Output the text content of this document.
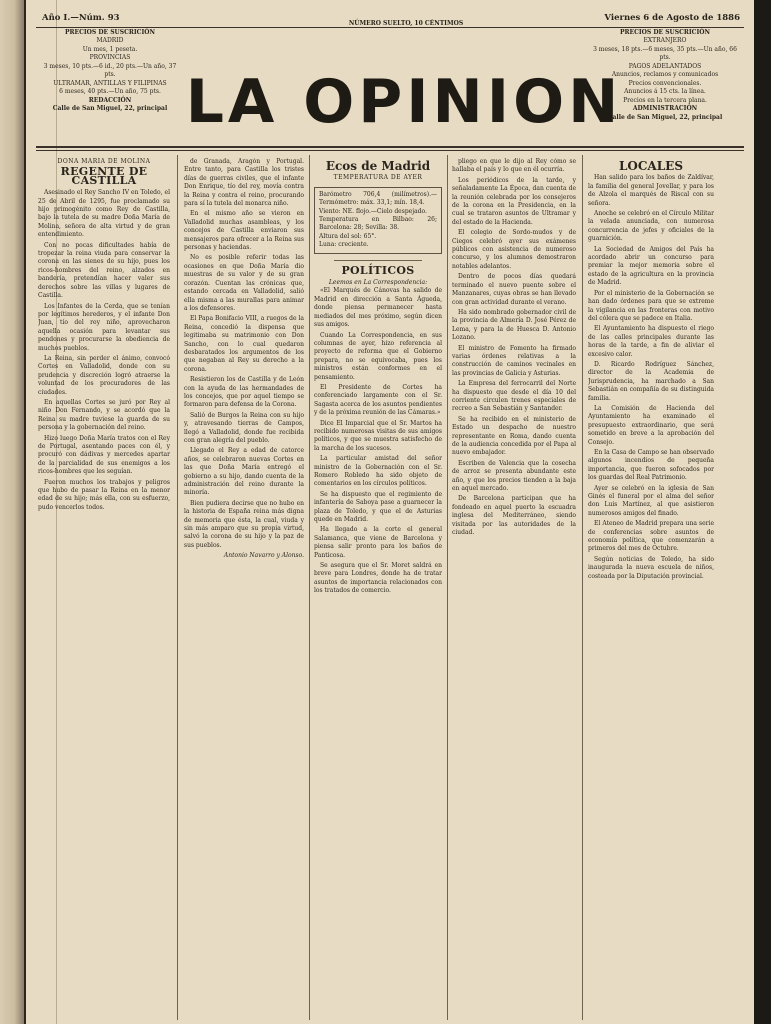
Año I.—Núm. 93
PRECIOS DE SUSCRICIÓN
MADRID
Un mes, 1 peseta.
PROVINCIAS
3 meses, 10 pts.—6 id., 20 pts.—Un año, 37 pts.
ULTRAMAR, ANTILLAS Y FILIPINAS
6 meses, 40 pts.—Un año, 75 pts.
REDACCIÓN
Calle de San Miguel, 22, principal
NÚMERO SUELTO, 10 CÉNTIMOS
Viernes 6 de Agosto de 1886
PRECIOS DE SUSCRICIÓN
EXTRANJERO
3 meses, 18 pts.—6 meses, 35 pts.—Un año, 66 pts.
PAGOS ADELANTADOS
Anuncios, reclamos y comunicados
Precios convencionales.
Anuncios á 15 cts. la línea.
Precios en la tercera plana.
ADMINISTRACIÓN
Calle de San Miguel, 22, principal
LA OPINION
DOÑA MARÍA DE MOLINA
REGENTE DE CASTILLA

Asesinado el Rey Sancho IV en Toledo, el 25 de Abril de 1295, fue proclamado su hijo primogénito como Rey de Castilla, bajo la tutela de su madre Doña María de Molina, señora de alta virtud y de gran entendimiento.

Con no pocas dificultades había de tropezar la reina viuda para conservar la corona en las sienes de su hijo, pues los ricos-hombres del reino, alzados en bandería, pretendían hacer valer sus derechos sobre las villas y lugares de Castilla.

Los Infantes de la Cerda, que se tenían por legítimos herederos, y el infante Don Juan, tío del rey niño, aprovecharon aquella ocasión para levantar sus pendones y procurarse la obediencia de muchos pueblos.

La Reina, sin perder el ánimo, convocó Cortes en Valladolid, donde con su prudencia y discreción logró atraerse la voluntad de los procuradores de las ciudades.

En aquellas Cortes se juró por Rey al niño Don Fernando, y se acordó que la Reina su madre tuviese la guarda de su persona y la gobernación del reino.

Hizo luego Doña María tratos con el Rey de Portugal, asentando paces con él, y procuró con dádivas y mercedes apartar de la parcialidad de sus enemigos a los ricos-hombres que les seguían.

Fueron muchos los trabajos y peligros que hubo de pasar la Reina en la menor edad de su hijo; más ella, con su esfuerzo, pudo vencerlos todos.

de Granada, Aragón y Portugal. Entre tanto, para Castilla los tristes días de guerras civiles, que el infante Don Enrique, tío del rey, movía contra la Reina y contra el reino, procurando para sí la tutela del monarca niño.

En el mismo año se vieron en Valladolid muchas asambleas, y los concejos de Castilla enviaron sus mensajeros para ofrecer a la Reina sus personas y haciendas.

No es posible referir todas las ocasiones en que Doña María dio muestras de su valor y de su gran corazón. Cuentan las crónicas que, estando cercada en Valladolid, salió ella misma a las murallas para animar a los defensores.

El Papa Bonifacio VIII, a ruegos de la Reina, concedió la dispensa que legitimaba su matrimonio con Don Sancho, con lo cual quedaron desbaratados los argumentos de los que negaban al Rey su derecho a la corona.

Resistieron los de Castilla y de León con la ayuda de las hermandades de los concejos, que por aquel tiempo se formaron para defensa de la Corona.

Salió de Burgos la Reina con su hijo y, atravesando tierras de Campos, llegó a Valladolid, donde fue recibida con gran alegría del pueblo.

Llegado el Rey a edad de catorce años, se celebraron nuevas Cortes en las que Doña María entregó el gobierno a su hijo, dando cuenta de la administración del reino durante la minoría.

Bien pudiera decirse que no hubo en la historia de España reina más digna de memoria que ésta, la cual, viuda y sin más amparo que su propia virtud, salvó la corona de su hijo y la paz de sus pueblos.

Antonio Navarro y Alonso.
Ecos de Madrid
TEMPERATURA DE AYER
Barómetro 706,4 (milímetros).—Termómetro: máx. 33,1; mín. 18,4.
Viento: NE. flojo.—Cielo despejado.
Temperatura en Bilbao: 26; Barcelona: 28; Sevilla: 38.
Altura del sol: 65°.
Luna: creciente.
POLÍTICOS
Leemos en La Correspondencia:

«El Marqués de Cánovas ha salido de Madrid en dirección a Santa Águeda, donde piensa permanecer hasta mediados del mes próximo, según dicen sus amigos.

Cuando La Correspondencia, en sus columnas de ayer, hizo referencia al proyecto de reforma que el Gobierno prepara, no se equivocaba, pues los ministros están conformes en el pensamiento.

El Presidente de Cortes ha conferenciado largamente con el Sr. Sagasta acerca de los asuntos pendientes y de la próxima reunión de las Cámaras.»

Dice El Imparcial que el Sr. Martos ha recibido numerosas visitas de sus amigos políticos, y que se muestra satisfecho de la marcha de los sucesos.

La particular amistad del señor ministro de la Gobernación con el Sr. Romero Robledo ha sido objeto de comentarios en los círculos políticos.

Se ha dispuesto que el regimiento de infantería de Saboya pase a guarnecer la plaza de Toledo, y que el de Asturias quede en Madrid.

Ha llegado a la corte el general Salamanca, que viene de Barcelona y piensa salir pronto para los baños de Panticosa.

Se asegura que el Sr. Moret saldrá en breve para Londres, donde ha de tratar asuntos de importancia relacionados con los tratados de comercio.

pliego en que le dijo al Rey cómo se hallaba el país y lo que en él ocurría.

Los periódicos de la tarde, y señaladamente La Época, dan cuenta de la reunión celebrada por los consejeros de la corona en la Presidencia, en la cual se trataron asuntos de Ultramar y del estado de la Hacienda.

El colegio de Sordo-mudos y de Ciegos celebró ayer sus exámenes públicos con asistencia de numeroso concurso, y los alumnos demostraron notables adelantos.

Dentro de pocos días quedará terminado el nuevo puente sobre el Manzanares, cuyas obras se han llevado con gran actividad durante el verano.

Ha sido nombrado gobernador civil de la provincia de Almería D. José Pérez de Lema, y para la de Huesca D. Antonio Lozano.

El ministro de Fomento ha firmado varias órdenes relativas a la construcción de caminos vecinales en las provincias de Galicia y Asturias.

La Empresa del ferrocarril del Norte ha dispuesto que desde el día 10 del corriente circulen trenes especiales de recreo a San Sebastián y Santander.

Se ha recibido en el ministerio de Estado un despacho de nuestro representante en Roma, dando cuenta de la audiencia concedida por el Papa al nuevo embajador.

Escriben de Valencia que la cosecha de arroz se presenta abundante este año, y que los precios tienden a la baja en aquel mercado.

De Barcelona participan que ha fondeado en aquel puerto la escuadra inglesa del Mediterráneo, siendo visitada por las autoridades de la ciudad.

LOCALES

Han salido para los baños de Zaldívar, la familia del general Jovellar, y para los de Alzola el marqués de Riscal con su señora.

Anoche se celebró en el Círculo Militar la velada anunciada, con numerosa concurrencia de jefes y oficiales de la guarnición.

La Sociedad de Amigos del País ha acordado abrir un concurso para premiar la mejor memoria sobre el estado de la agricultura en la provincia de Madrid.

Por el ministerio de la Gobernación se han dado órdenes para que se extreme la vigilancia en las fronteras con motivo del cólera que se padece en Italia.

El Ayuntamiento ha dispuesto el riego de las calles principales durante las horas de la tarde, a fin de aliviar el excesivo calor.

D. Ricardo Rodríguez Sánchez, director de la Academia de Jurisprudencia, ha marchado a San Sebastián en compañía de su distinguida familia.

La Comisión de Hacienda del Ayuntamiento ha examinado el presupuesto extraordinario, que será sometido en breve a la aprobación del Consejo.

En la Casa de Campo se han observado algunos incendios de pequeña importancia, que fueron sofocados por los guardas del Real Patrimonio.

Ayer se celebró en la iglesia de San Ginés el funeral por el alma del señor don Luis Martínez, al que asistieron numerosos amigos del finado.

El Ateneo de Madrid prepara una serie de conferencias sobre asuntos de economía política, que comenzarán a primeros del mes de Octubre.

Según noticias de Toledo, ha sido inaugurada la nueva escuela de niños, costeada por la Diputación provincial.
